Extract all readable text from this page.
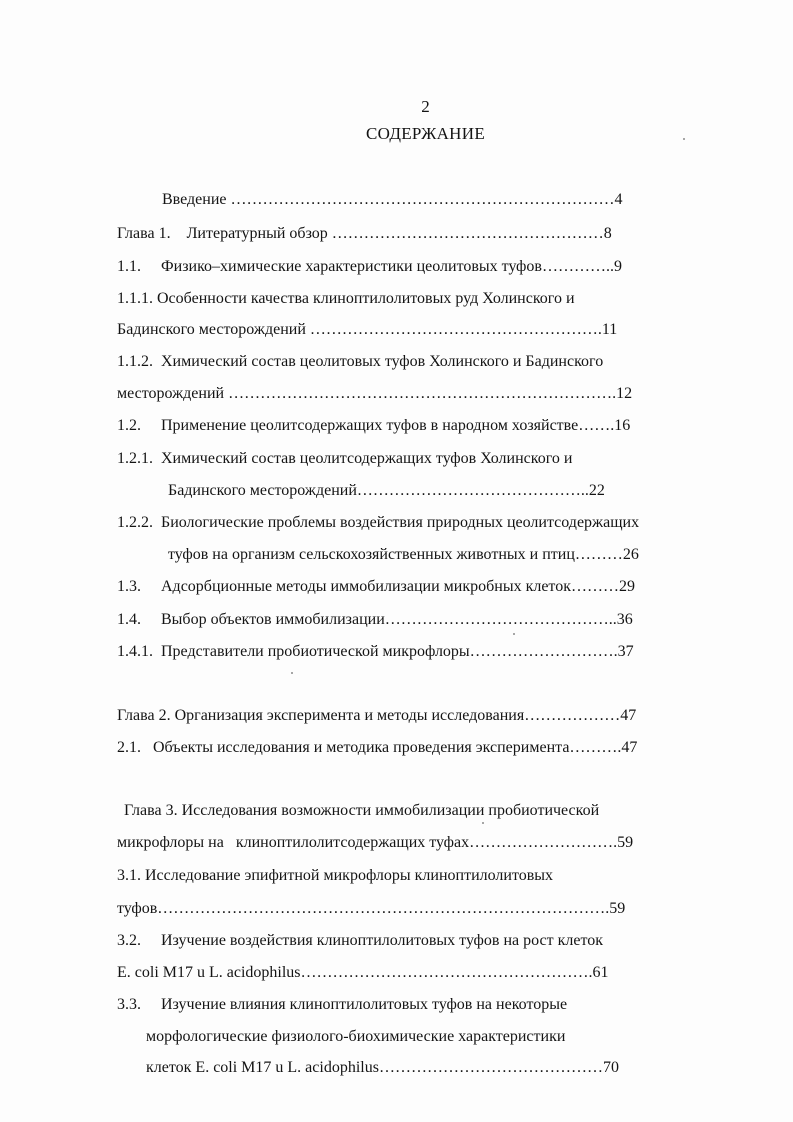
2
СОДЕРЖАНИЕ
Введение ………………………………………………………………4
Глава 1.    Литературный обзор ……………………………………………8
1.1.     Физико–химические характеристики цеолитовых туфов…………..9
1.1.1. Особенности качества клиноптилолитовых руд Холинского и
Бадинского месторождений ……………………………………………….11
1.1.2.  Химический состав цеолитовых туфов Холинского и Бадинского
месторождений ……………………………………………………………….12
1.2.     Применение цеолитсодержащих туфов в народном хозяйстве…….16
1.2.1.  Химический состав цеолитсодержащих туфов Холинского и
Бадинского месторождений……………………………………..22
1.2.2.  Биологические проблемы воздействия природных цеолитсодержащих
туфов на организм сельскохозяйственных животных и птиц………26
1.3.     Адсорбционные методы иммобилизации микробных клеток………29
1.4.     Выбор объектов иммобилизации……………………………………..36
1.4.1.  Представители пробиотической микрофлоры……………………….37
Глава 2. Организация эксперимента и методы исследования………………47
2.1.   Объекты исследования и методика проведения эксперимента……….47
Глава 3. Исследования возможности иммобилизации пробиотической
микрофлоры на   клиноптилолитсодержащих туфах……………………….59
3.1. Исследование эпифитной микрофлоры клиноптилолитовых
туфов………………………………………………………………………….59
3.2.     Изучение воздействия клиноптилолитовых туфов на рост клеток
E. coli M17 u L. acidophilus……………………………………………….61
3.3.     Изучение влияния клиноптилолитовых туфов на некоторые
морфологические физиолого-биохимические характеристики
клеток E. coli M17 u L. acidophilus……………………………………70
